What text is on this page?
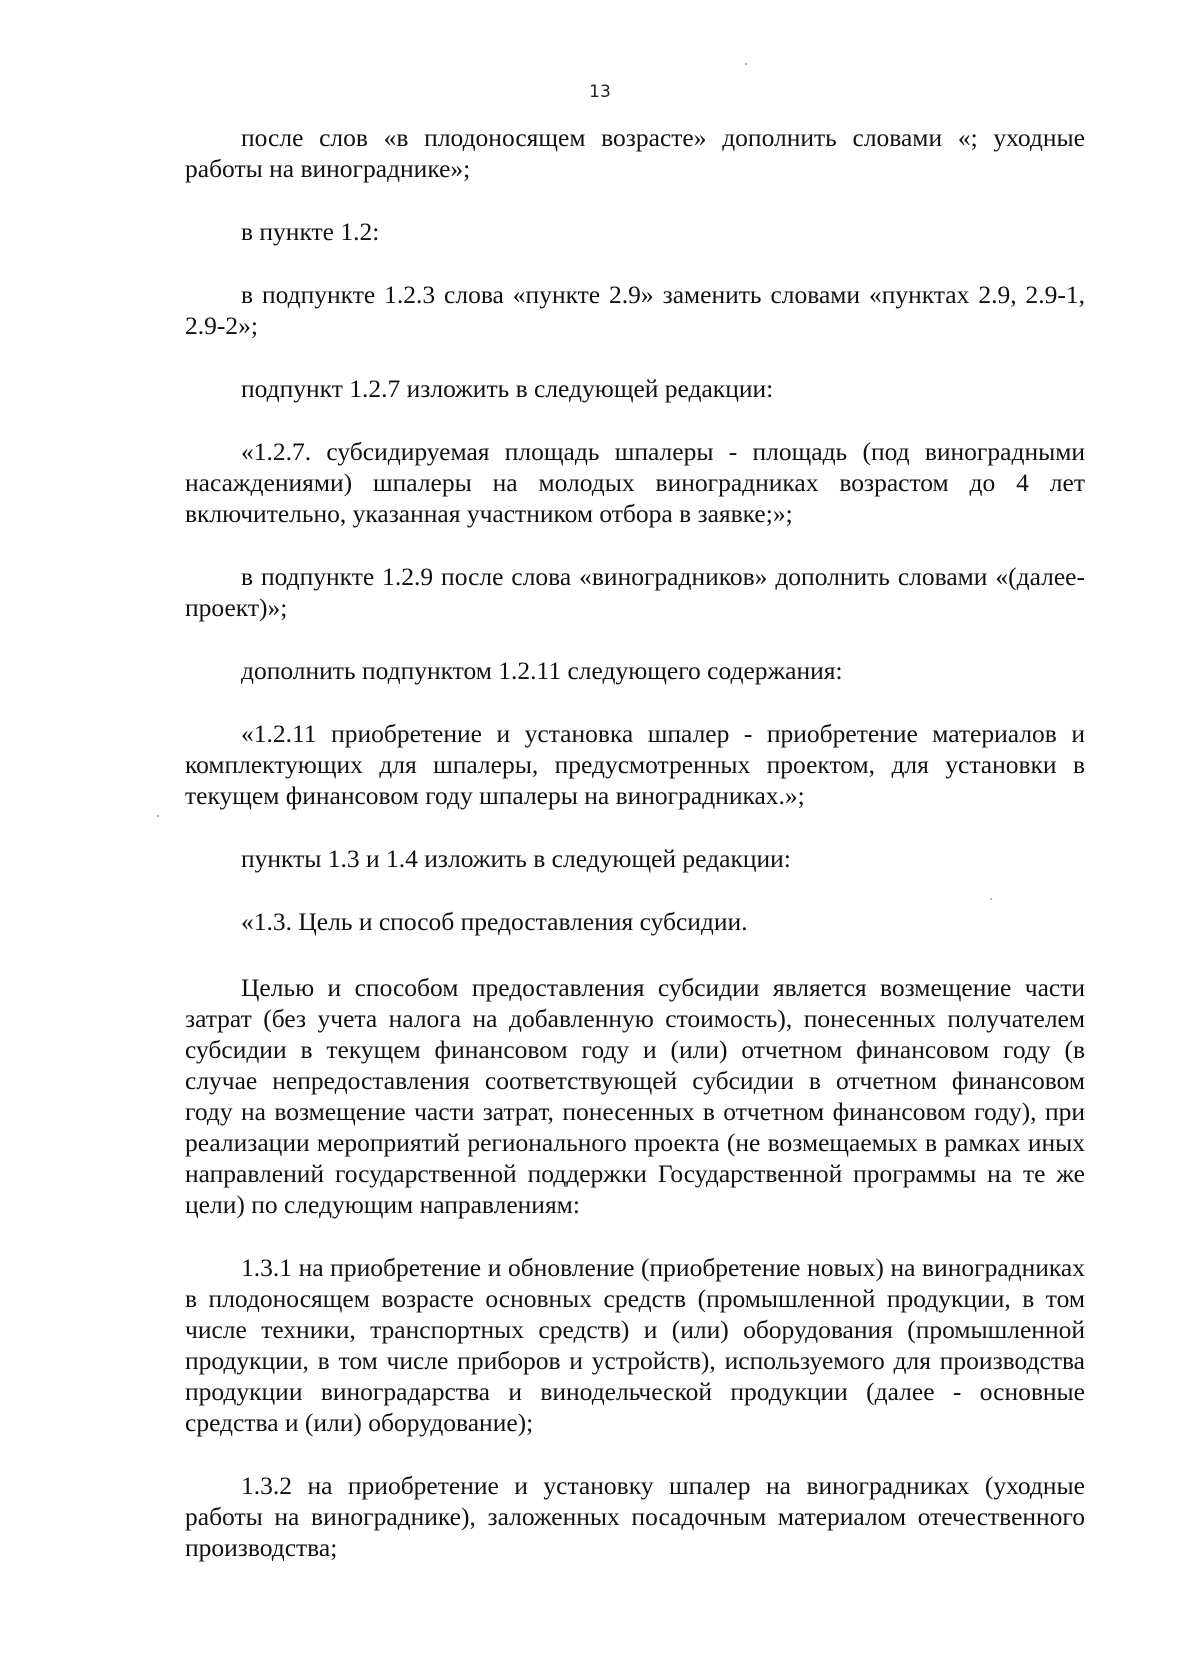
13

после слов «в плодоносящем возрасте» дополнить словами «; уходные работы на винограднике»;

в пункте 1.2:

в подпункте 1.2.3 слова «пункте 2.9» заменить словами «пунктах 2.9, 2.9-1, 2.9-2»;

подпункт 1.2.7 изложить в следующей редакции:

«1.2.7. субсидируемая площадь шпалеры - площадь (под виноградными насаждениями) шпалеры на молодых виноградниках возрастом до 4 лет включительно, указанная участником отбора в заявке;»;

в подпункте 1.2.9 после слова «виноградников» дополнить словами «(далее- проект)»;

дополнить подпунктом 1.2.11 следующего содержания:

«1.2.11 приобретение и установка шпалер - приобретение материалов и комплектующих для шпалеры, предусмотренных проектом, для установки в текущем финансовом году шпалеры на виноградниках.»;

пункты 1.3 и 1.4 изложить в следующей редакции:

«1.3. Цель и способ предоставления субсидии.

Целью и способом предоставления субсидии является возмещение части затрат (без учета налога на добавленную стоимость), понесенных получателем субсидии в текущем финансовом году и (или) отчетном финансовом году (в случае непредоставления соответствующей субсидии в отчетном финансовом году на возмещение части затрат, понесенных в отчетном финансовом году), при реализации мероприятий регионального проекта (не возмещаемых в рамках иных направлений государственной поддержки Государственной программы на те же цели) по следующим направлениям:

1.3.1 на приобретение и обновление (приобретение новых) на виноградниках в плодоносящем возрасте основных средств (промышленной продукции, в том числе техники, транспортных средств) и (или) оборудования (промышленной продукции, в том числе приборов и устройств), используемого для производства продукции виноградарства и винодельческой продукции (далее - основные средства и (или) оборудование);

1.3.2 на приобретение и установку шпалер на виноградниках (уходные работы на винограднике), заложенных посадочным материалом отечественного производства;
